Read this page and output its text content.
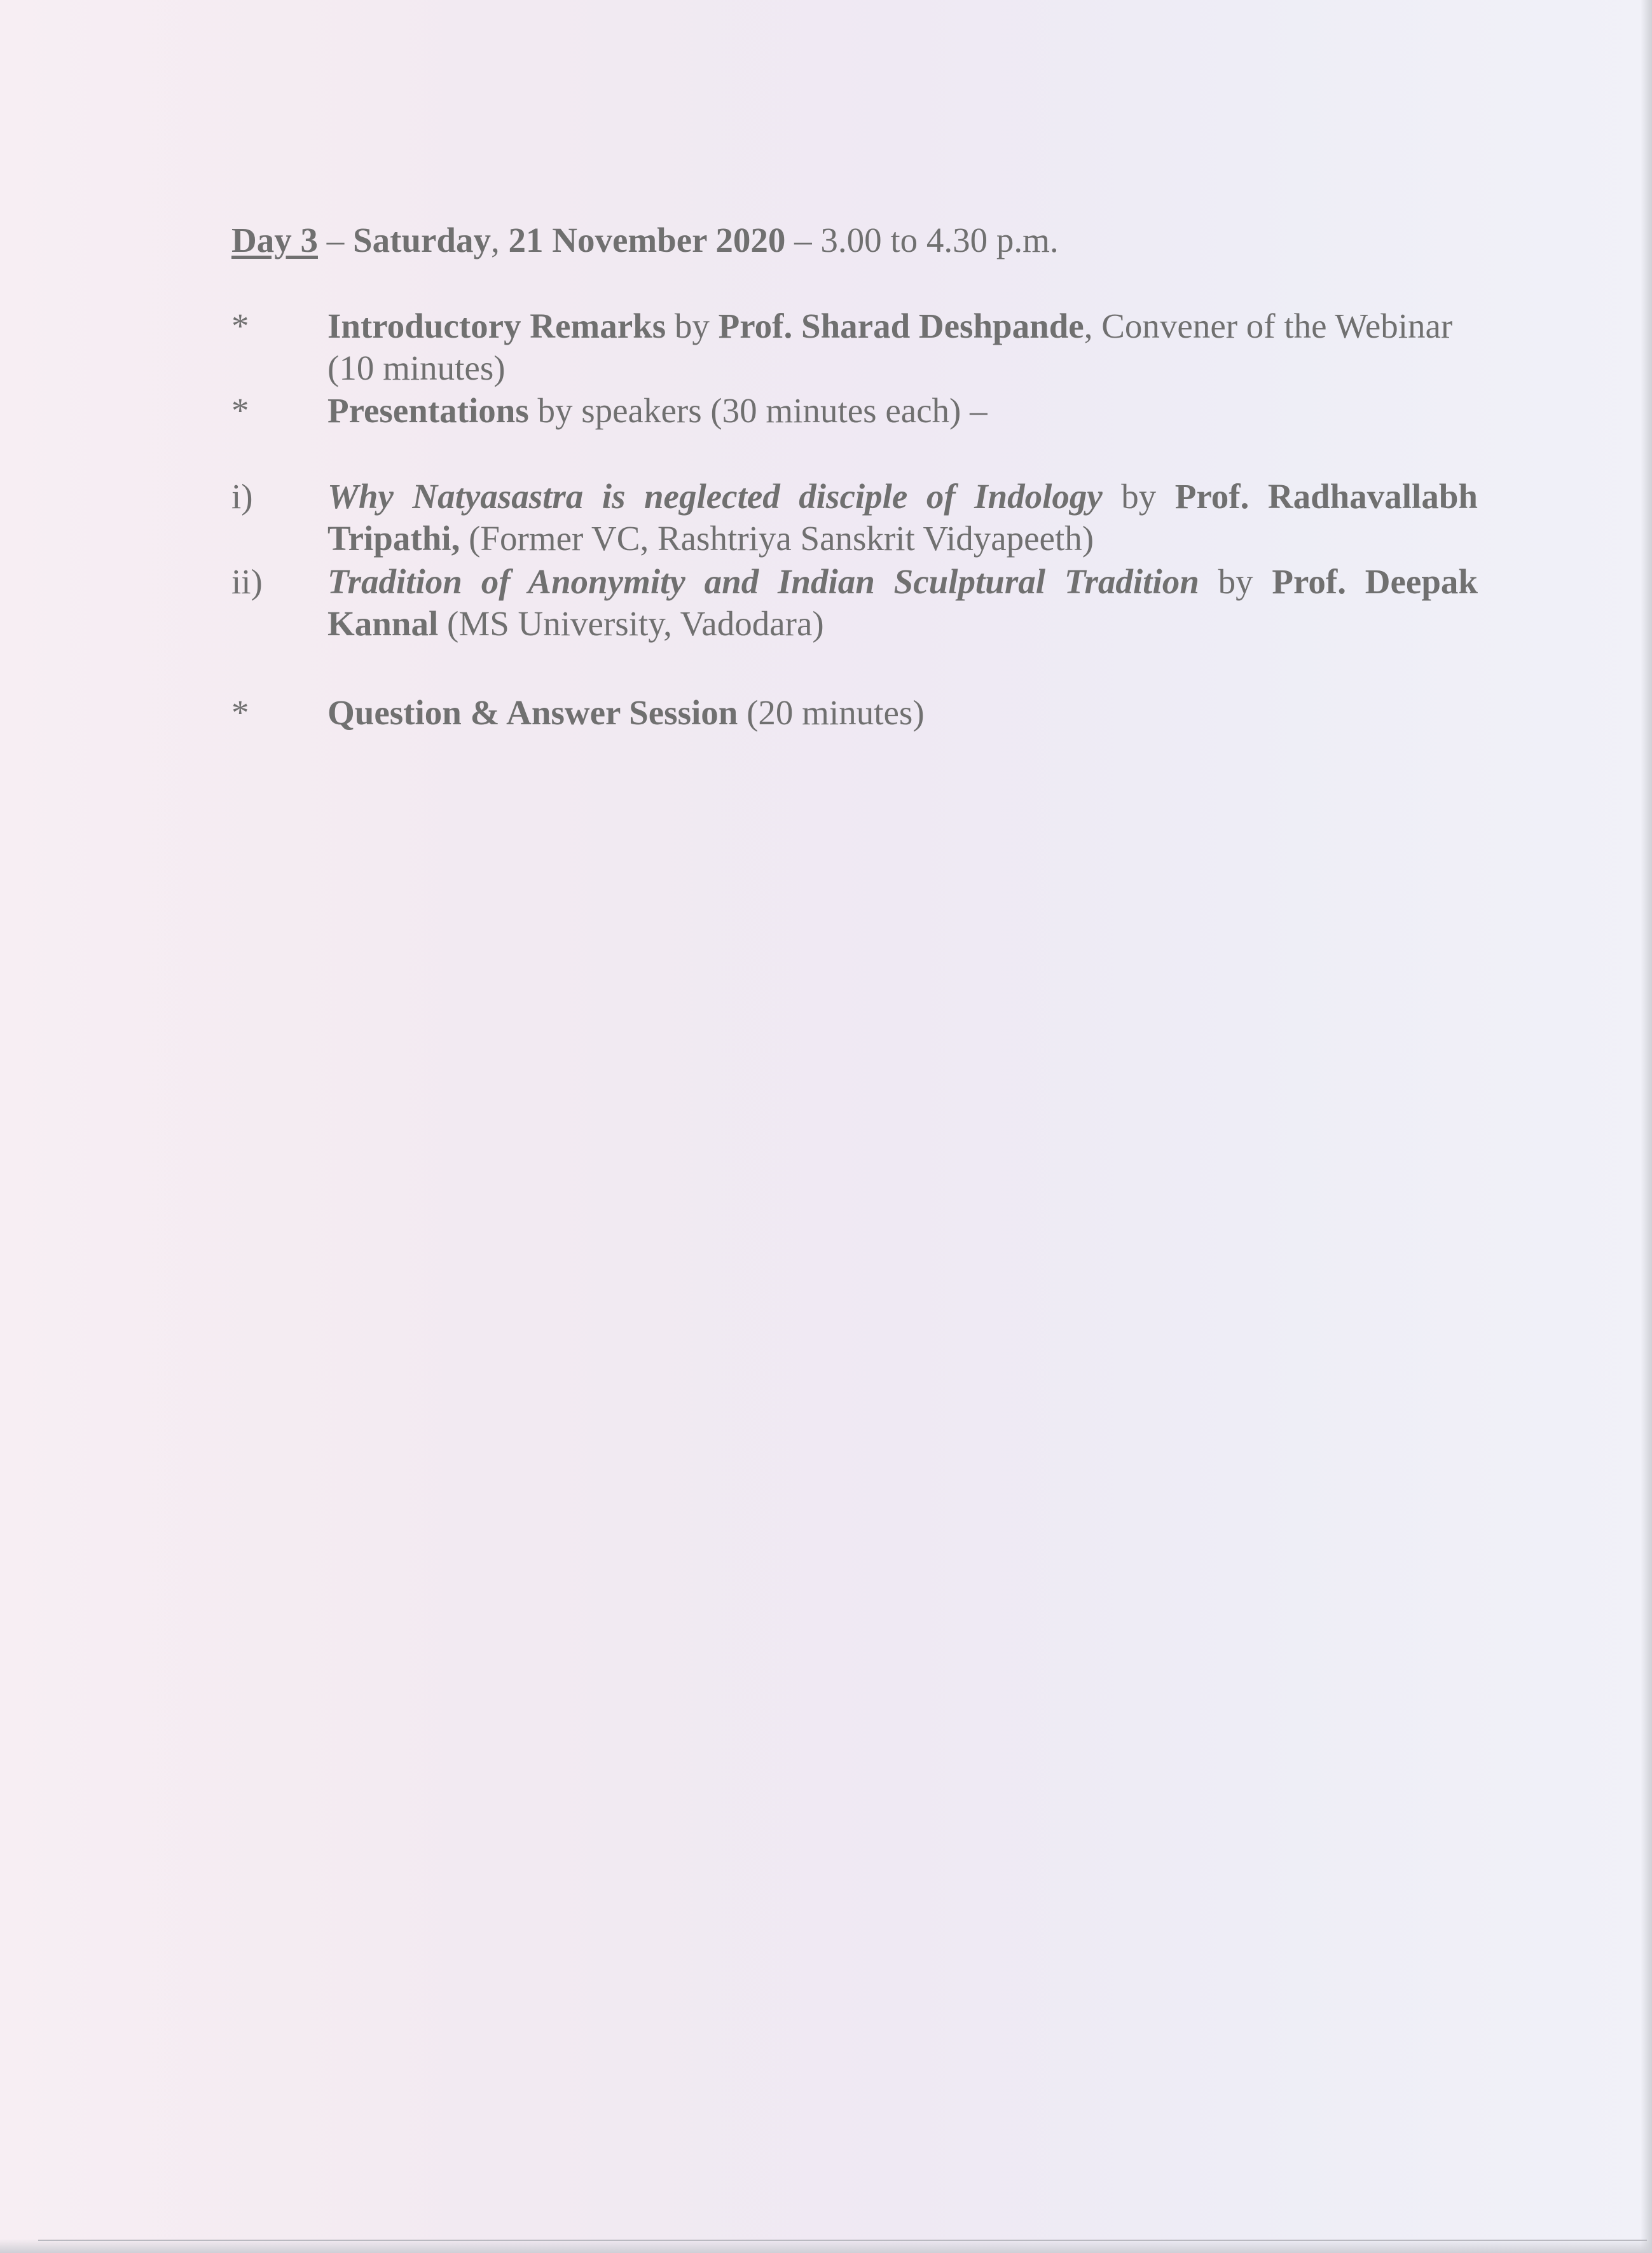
Day 3 – Saturday, 21 November 2020 – 3.00 to 4.30 p.m.
*	Introductory Remarks by Prof. Sharad Deshpande, Convener of the Webinar (10 minutes)
*	Presentations by speakers (30 minutes each) –
i)	Why Natyasastra is neglected disciple of Indology by Prof. Radhavallabh Tripathi, (Former VC, Rashtriya Sanskrit Vidyapeeth)
ii)	Tradition of Anonymity and Indian Sculptural Tradition by Prof. Deepak Kannal (MS University, Vadodara)
*	Question & Answer Session (20 minutes)
